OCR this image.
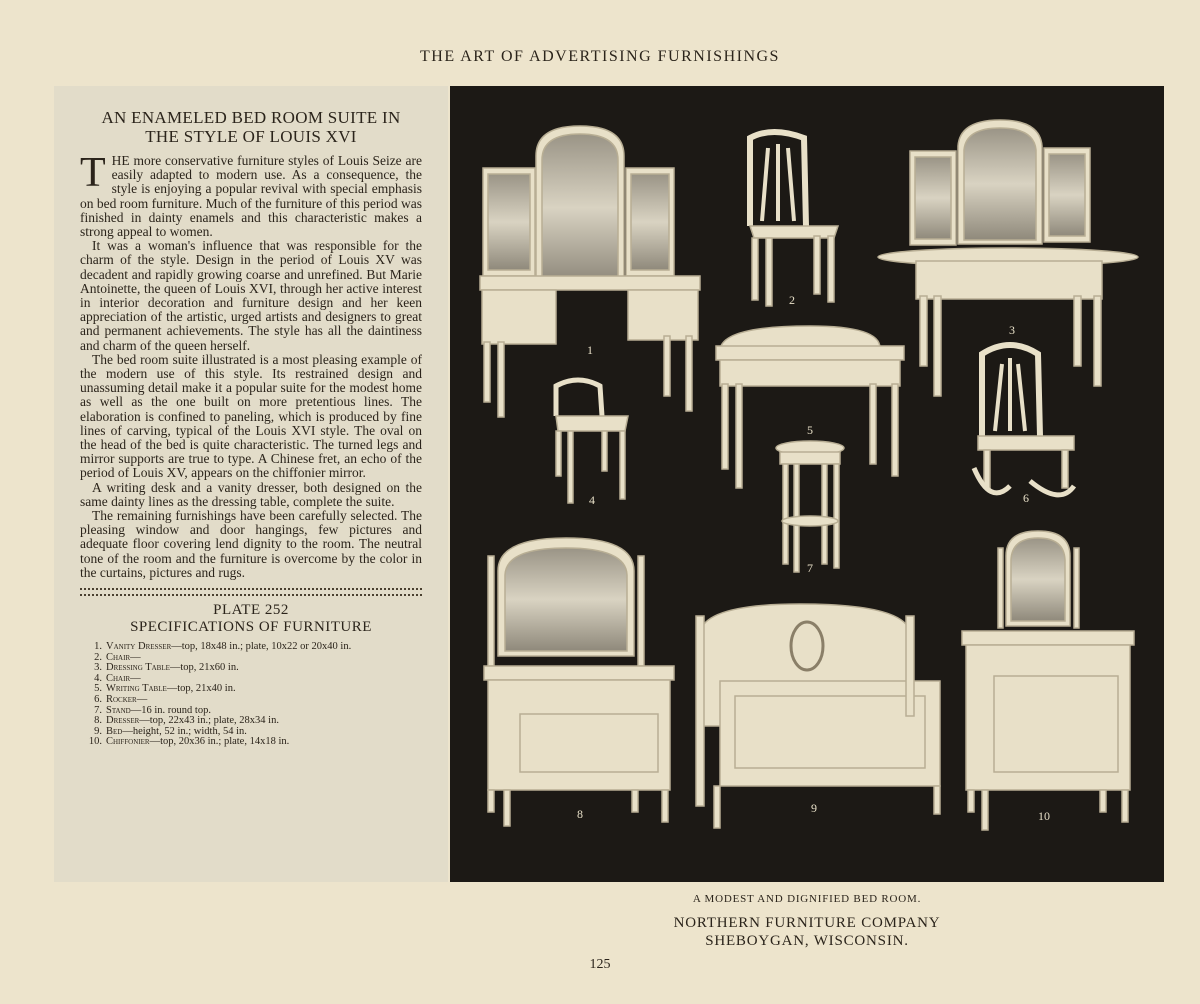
THE ART OF ADVERTISING FURNISHINGS
AN ENAMELED BED ROOM SUITE IN
THE STYLE OF LOUIS XVI

THE more conservative furniture styles of Louis Seize are easily adapted to modern use. As a consequence, the style is enjoying a popular revival with special emphasis on bed room furniture. Much of the furniture of this period was finished in dainty enamels and this characteristic makes a strong appeal to women.

It was a woman's influence that was responsible for the charm of the style. Design in the period of Louis XV was decadent and rapidly growing coarse and unrefined. But Marie Antoinette, the queen of Louis XVI, through her active interest in interior decoration and furniture design and her keen appreciation of the artistic, urged artists and designers to great and permanent achievements. The style has all the daintiness and charm of the queen herself.

The bed room suite illustrated is a most pleasing example of the modern use of this style. Its restrained design and unassuming detail make it a popular suite for the modest home as well as the one built on more pretentious lines. The elaboration is confined to paneling, which is produced by fine lines of carving, typical of the Louis XVI style. The oval on the head of the bed is quite characteristic. The turned legs and mirror supports are true to type. A Chinese fret, an echo of the period of Louis XV, appears on the chiffonier mirror.

A writing desk and a vanity dresser, both designed on the same dainty lines as the dressing table, complete the suite.

The remaining furnishings have been carefully selected. The pleasing window and door hangings, few pictures and adequate floor covering lend dignity to the room. The neutral tone of the room and the furniture is overcome by the color in the curtains, pictures and rugs.

PLATE 252
SPECIFICATIONS OF FURNITURE
1. Vanity Dresser—top, 18x48 in.; plate, 10x22 or 20x40 in.
2. Chair—
3. Dressing Table—top, 21x60 in.
4. Chair—
5. Writing Table—top, 21x40 in.
6. Rocker—
7. Stand—16 in. round top.
8. Dresser—top, 22x43 in.; plate, 28x34 in.
9. Bed—height, 52 in.; width, 54 in.
10. Chiffonier—top, 20x36 in.; plate, 14x18 in.
1
2
3
4
5
6
7
8	9
10
A MODEST AND DIGNIFIED BED ROOM.
NORTHERN FURNITURE COMPANY
SHEBOYGAN, WISCONSIN.
125
